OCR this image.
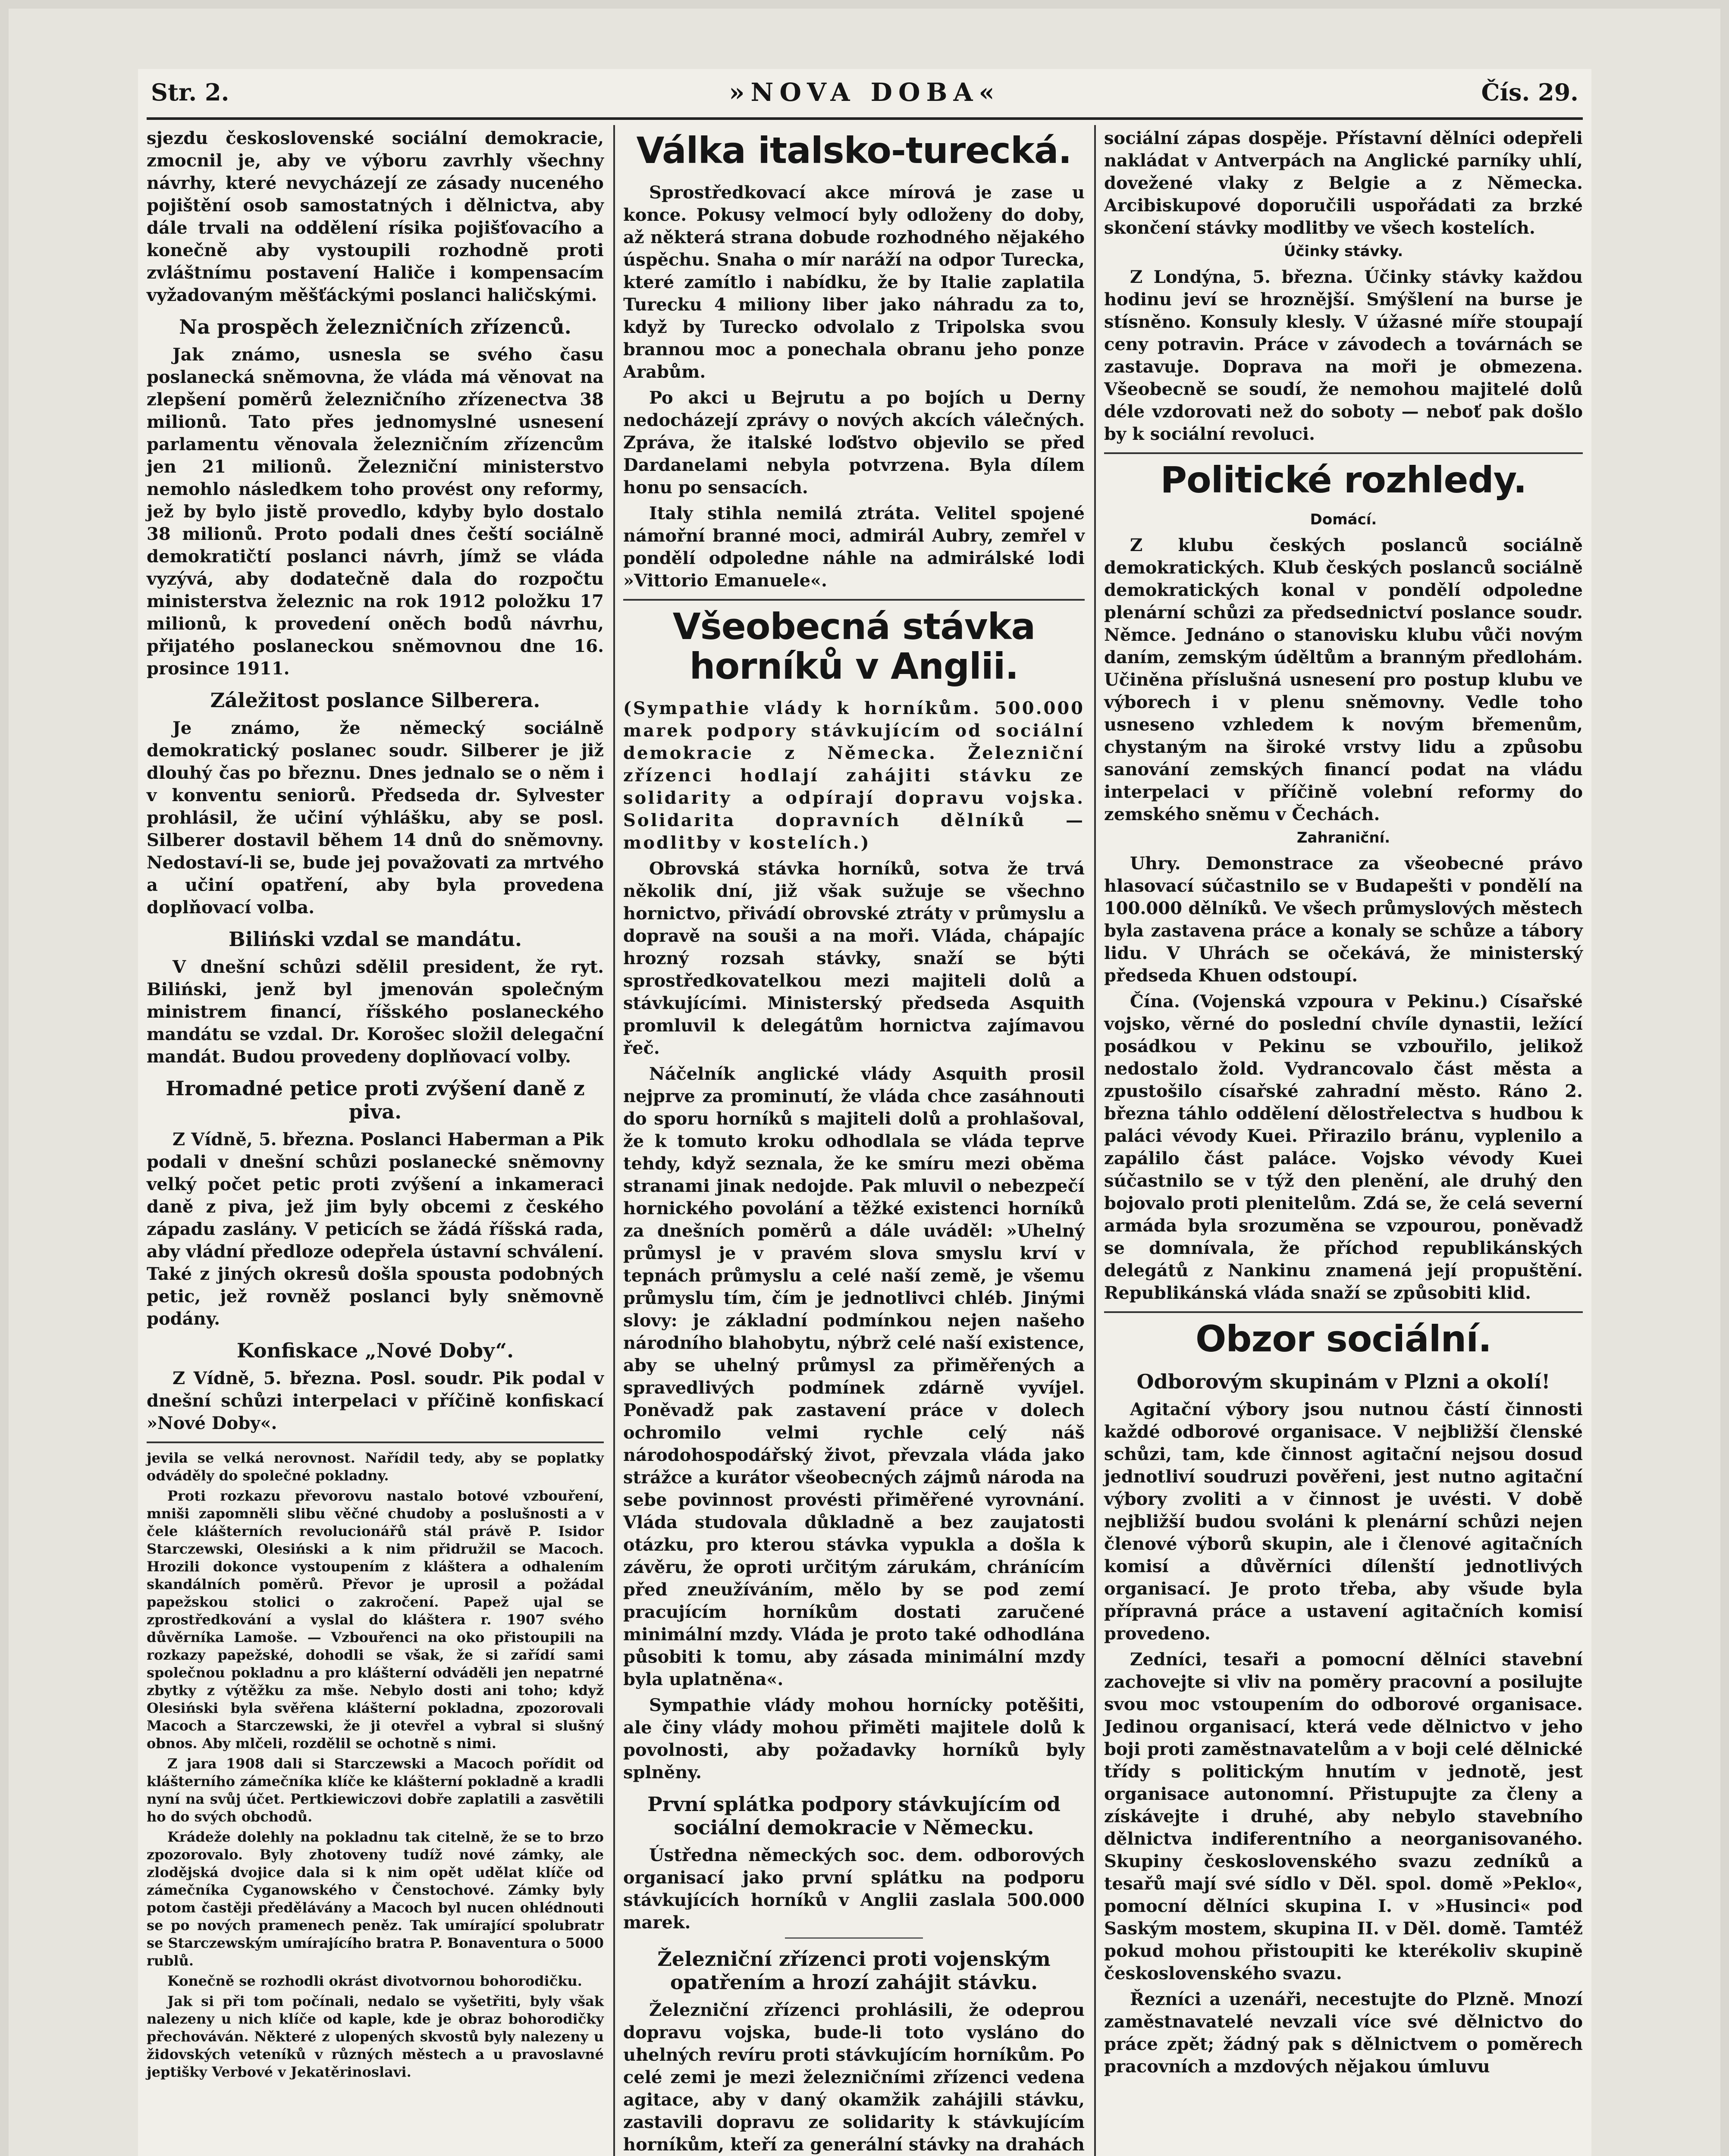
Str. 2.	»NOVA DOBA«	Čís. 29.

sjezdu československé sociální demokracie, zmocnil je, aby ve výboru zavrhly všechny návrhy, které nevycházejí ze zásady nuceného pojištění osob samostatných i dělnictva, aby dále trvali na oddělení rísika pojišťovacího a konečně aby vystoupili rozhodně proti zvláštnímu postavení Haliče i kompensacím vyžadovaným měšťáckými poslanci haličskými.

Na prospěch železničních zřízenců.

Jak známo, usnesla se svého času poslanecká sněmovna, že vláda má věnovat na zlepšení poměrů železničního zřízenectva 38 milionů. Tato přes jednomyslné usnesení parlamentu věnovala železničním zřízencům jen 21 milionů. Železniční ministerstvo nemohlo následkem toho provést ony reformy, jež by bylo jistě provedlo, kdyby bylo dostalo 38 milionů. Proto podali dnes čeští sociálně demokratičtí poslanci návrh, jímž se vláda vyzývá, aby dodatečně dala do rozpočtu ministerstva železnic na rok 1912 položku 17 milionů, k provedení oněch bodů návrhu, přijatého poslaneckou sněmovnou dne 16. prosince 1911.

Záležitost poslance Silberera.

Je známo, že německý sociálně demokratický poslanec soudr. Silberer je již dlouhý čas po březnu. Dnes jednalo se o něm i v konventu seniorů. Předseda dr. Sylvester prohlásil, že učiní výhlášku, aby se posl. Silberer dostavil během 14 dnů do sněmovny. Nedostaví-li se, bude jej považovati za mrtvého a učiní opatření, aby byla provedena doplňovací volba.

Biliński vzdal se mandátu.

V dnešní schůzi sdělil president, že ryt. Biliński, jenž byl jmenován společným ministrem financí, říšského poslaneckého mandátu se vzdal. Dr. Korošec složil delegační mandát. Budou provedeny doplňovací volby.

Hromadné petice proti zvýšení daně z piva.

Z Vídně, 5. března. Poslanci Haberman a Pik podali v dnešní schůzi poslanecké sněmovny velký počet petic proti zvýšení a inkameraci daně z piva, jež jim byly obcemi z českého západu zaslány. V peticích se žádá říšská rada, aby vládní předloze odepřela ústavní schválení. Také z jiných okresů došla spousta podobných petic, jež rovněž poslanci byly sněmovně podány.

Konfiskace „Nové Doby“.

Z Vídně, 5. března. Posl. soudr. Pik podal v dnešní schůzi interpelaci v příčině konfiskací »Nové Doby«.

jevila se velká nerovnost. Nařídil tedy, aby se poplatky odváděly do společné pokladny.

Proti rozkazu převorovu nastalo botové vzbouření, mniši zapomněli slibu věčné chudoby a poslušnosti a v čele klášterních revolucionářů stál právě P. Isidor Starczewski, Olesiński a k nim přidružil se Macoch. Hrozili dokonce vystoupením z kláštera a odhalením skandálních poměrů. Převor je uprosil a požádal papežskou stolici o zakročení. Papež ujal se zprostředkování a vyslal do kláštera r. 1907 svého důvěrníka Lamoše. — Vzbouřenci na oko přistoupili na rozkazy papežské, dohodli se však, že si zařídí sami společnou pokladnu a pro klášterní odváděli jen nepatrné zbytky z výtěžku za mše. Nebylo dosti ani toho; když Olesiński byla svěřena klášterní pokladna, zpozorovali Macoch a Starczewski, že ji otevřel a vybral si slušný obnos. Aby mlčeli, rozdělil se ochotně s nimi.

Z jara 1908 dali si Starczewski a Macoch pořídit od klášterního zámečníka klíče ke klášterní pokladně a kradli nyní na svůj účet. Pertkiewiczovi dobře zaplatili a zasvětili ho do svých obchodů.

Krádeže dolehly na pokladnu tak citelně, že se to brzo zpozorovalo. Byly zhotoveny tudíž nové zámky, ale zlodějská dvojice dala si k nim opět udělat klíče od zámečníka Cyganowského v Čenstochové. Zámky byly potom častěji předělávány a Macoch byl nucen ohlédnouti se po nových pramenech peněz. Tak umírající spolubratr se Starczewským umírajícího bratra P. Bonaventura o 5000 rublů.

Konečně se rozhodli okrást divotvornou bohorodičku.

Jak si při tom počínali, nedalo se vyšetřiti, byly však nalezeny u nich klíče od kaple, kde je obraz bohorodičky přechováván. Některé z ulopených skvostů byly nalezeny u židovských veteníků v různých městech a u pravoslavné jeptišky Verbové v Jekatěrinoslavi.

Válka italsko-turecká.

Sprostředkovací akce mírová je zase u konce. Pokusy velmocí byly odloženy do doby, až některá strana dobude rozhodného nějakého úspěchu. Snaha o mír naráží na odpor Turecka, které zamítlo i nabídku, že by Italie zaplatila Turecku 4 miliony liber jako náhradu za to, když by Turecko odvolalo z Tripolska svou brannou moc a ponechala obranu jeho ponze Arabům.

Po akci u Bejrutu a po bojích u Derny nedocházejí zprávy o nových akcích válečných. Zpráva, že italské loďstvo objevilo se před Dardanelami nebyla potvrzena. Byla dílem honu po sensacích.

Italy stihla nemilá ztráta. Velitel spojené námořní branné moci, admirál Aubry, zemřel v pondělí odpoledne náhle na admirálské lodi »Vittorio Emanuele«.

Všeobecná stávka horníků v Anglii.

(Sympathie vlády k horníkům. 500.000 marek podpory stávkujícím od sociální demokracie z Německa. Železniční zřízenci hodlají zahájiti stávku ze solidarity a odpírají dopravu vojska. Solidarita dopravních dělníků — modlitby v kostelích.)

Obrovská stávka horníků, sotva že trvá několik dní, již však sužuje se všechno hornictvo, přivádí obrovské ztráty v průmyslu a dopravě na souši a na moři. Vláda, chápajíc hrozný rozsah stávky, snaží se býti sprostředkovatelkou mezi majiteli dolů a stávkujícími. Ministerský předseda Asquith promluvil k delegátům hornictva zajímavou řeč.

Náčelník anglické vlády Asquith prosil nejprve za prominutí, že vláda chce zasáhnouti do sporu horníků s majiteli dolů a prohlašoval, že k tomuto kroku odhodlala se vláda teprve tehdy, když seznala, že ke smíru mezi oběma stranami jinak nedojde. Pak mluvil o nebezpečí hornického povolání a těžké existenci horníků za dnešních poměrů a dále uváděl: »Uhelný průmysl je v pravém slova smyslu krví v tepnách průmyslu a celé naší země, je všemu průmyslu tím, čím je jednotlivci chléb. Jinými slovy: je základní podmínkou nejen našeho národního blahobytu, nýbrž celé naší existence, aby se uhelný průmysl za přiměřených a spravedlivých podmínek zdárně vyvíjel. Poněvadž pak zastavení práce v dolech ochromilo velmi rychle celý náš národohospodářský život, převzala vláda jako strážce a kurátor všeobecných zájmů národa na sebe povinnost provésti přiměřené vyrovnání. Vláda studovala důkladně a bez zaujatosti otázku, pro kterou stávka vypukla a došla k závěru, že oproti určitým zárukám, chránícím před zneužíváním, mělo by se pod zemí pracujícím horníkům dostati zaručené minimální mzdy. Vláda je proto také odhodlána působiti k tomu, aby zásada minimální mzdy byla uplatněna«.

Sympathie vlády mohou hornícky potěšiti, ale činy vlády mohou přiměti majitele dolů k povolnosti, aby požadavky horníků byly splněny.

První splátka podpory stávkujícím od sociální demokracie v Německu.

Ústředna německých soc. dem. odborových organisací jako první splátku na podporu stávkujících horníků v Anglii zaslala 500.000 marek.

Železniční zřízenci proti vojenským opatřením a hrozí zahájit stávku.

Železniční zřízenci prohlásili, že odeprou dopravu vojska, bude-li toto vysláno do uhelných revíru proti stávkujícím horníkům. Po celé zemi je mezi železničními zřízenci vedena agitace, aby v daný okamžik zahájili stávku, zastavili dopravu ze solidarity k stávkujícím horníkům, kteří za generální stávky na drahách

sociální zápas dospěje. Přístavní dělníci odepřeli nakládat v Antverpách na Anglické parníky uhlí, dovežené vlaky z Belgie a z Německa. Arcibiskupové doporučili uspořádati za brzké skončení stávky modlitby ve všech kostelích.

Účinky stávky.

Z Londýna, 5. března. Účinky stávky každou hodinu jeví se hroznější. Smýšlení na burse je stísněno. Konsuly klesly. V úžasné míře stoupají ceny potravin. Práce v závodech a továrnách se zastavuje. Doprava na moři je obmezena. Všeobecně se soudí, že nemohou majitelé dolů déle vzdorovati než do soboty — neboť pak došlo by k sociální revoluci.

Politické rozhledy.
Domácí.

Z klubu českých poslanců sociálně demokratických. Klub českých poslanců sociálně demokratických konal v pondělí odpoledne plenární schůzi za předsednictví poslance soudr. Němce. Jednáno o stanovisku klubu vůči novým daním, zemským úděltům a branným předlohám. Učiněna příslušná usnesení pro postup klubu ve výborech i v plenu sněmovny. Vedle toho usneseno vzhledem k novým břemenům, chystaným na široké vrstvy lidu a způsobu sanování zemských financí podat na vládu interpelaci v příčině volební reformy do zemského sněmu v Čechách.

Zahraniční.

Uhry. Demonstrace za všeobecné právo hlasovací súčastnilo se v Budapešti v pondělí na 100.000 dělníků. Ve všech průmyslových městech byla zastavena práce a konaly se schůze a tábory lidu. V Uhrách se očekává, že ministerský předseda Khuen odstoupí.

Čína. (Vojenská vzpoura v Pekinu.) Císařské vojsko, věrné do poslední chvíle dynastii, ležící posádkou v Pekinu se vzbouřilo, jelikož nedostalo žold. Vydrancovalo část města a zpustošilo císařské zahradní město. Ráno 2. března táhlo oddělení dělostřelectva s hudbou k paláci vévody Kuei. Přirazilo bránu, vyplenilo a zapálilo část paláce. Vojsko vévody Kuei súčastnilo se v týž den plenění, ale druhý den bojovalo proti plenitelům. Zdá se, že celá severní armáda byla srozuměna se vzpourou, poněvadž se domnívala, že příchod republikánských delegátů z Nankinu znamená její propuštění. Republikánská vláda snaží se způsobiti klid.

Obzor sociální.
Odborovým skupinám v Plzni a okolí!

Agitační výbory jsou nutnou částí činnosti každé odborové organisace. V nejbližší členské schůzi, tam, kde činnost agitační nejsou dosud jednotliví soudruzi pověřeni, jest nutno agitační výbory zvoliti a v činnost je uvésti. V době nejbližší budou svoláni k plenární schůzi nejen členové výborů skupin, ale i členové agitačních komisí a důvěrníci dílenští jednotlivých organisací. Je proto třeba, aby všude byla přípravná práce a ustavení agitačních komisí provedeno.

Zedníci, tesaři a pomocní dělníci stavební zachovejte si vliv na poměry pracovní a posilujte svou moc vstoupením do odborové organisace. Jedinou organisací, která vede dělnictvo v jeho boji proti zaměstnavatelům a v boji celé dělnické třídy s politickým hnutím v jednotě, jest organisace autonomní. Přistupujte za členy a získávejte i druhé, aby nebylo stavebního dělnictva indiferentního a neorganisovaného. Skupiny československého svazu zedníků a tesařů mají své sídlo v Děl. spol. domě »Peklo«, pomocní dělníci skupina I. v »Husinci« pod Saským mostem, skupina II. v Děl. domě. Tamtéž pokud mohou přistoupiti ke kterékoliv skupině československého svazu.

Řezníci a uzenáři, necestujte do Plzně. Mnozí zaměstnavatelé nevzali více své dělnictvo do práce zpět; žádný pak s dělnictvem o poměrech pracovních a mzdových nějakou úmluvu
